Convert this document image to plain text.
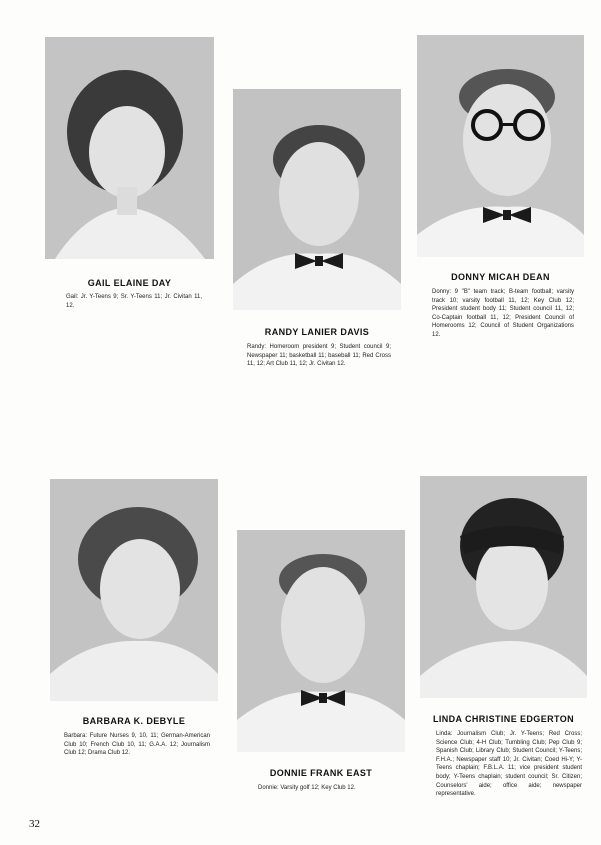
GAIL ELAINE DAY
Gail: Jr. Y-Teens 9; Sr. Y-Teens 11; Jr. Civitan 11, 12.
RANDY LANIER DAVIS
Randy: Homeroom president 9; Student council 9; Newspaper 11; basketball 11; baseball 11; Red Cross 11, 12; Art Club 11, 12; Jr. Civitan 12.
DONNY MICAH DEAN
Donny: 9 "B" team track; B-team football; varsity track 10; varsity football 11, 12; Key Club 12; President student body 11; Student council 11, 12; Co-Captain football 11, 12; President Council of Homerooms 12; Council of Student Organizations 12.
BARBARA K. DEBYLE
Barbara: Future Nurses 9, 10, 11; German-American Club 10; French Club 10, 11; G.A.A. 12; Journalism Club 12; Drama Club 12.
DONNIE FRANK EAST
Donnie: Varsity golf 12; Key Club 12.
LINDA CHRISTINE EDGERTON
Linda: Journalism Club; Jr. Y-Teens; Red Cross; Science Club; 4-H Club; Tumbling Club; Pep Club 9; Spanish Club; Library Club; Student Council; Y-Teens; F.H.A.; Newspaper staff 10; Jr. Civitan; Coed Hi-Y; Y-Teens chaplain; F.B.L.A. 11; vice president student body; Y-Teens chaplain; student council; Sr. Citizen; Counselors' aide; office aide; newspaper representative.
32
